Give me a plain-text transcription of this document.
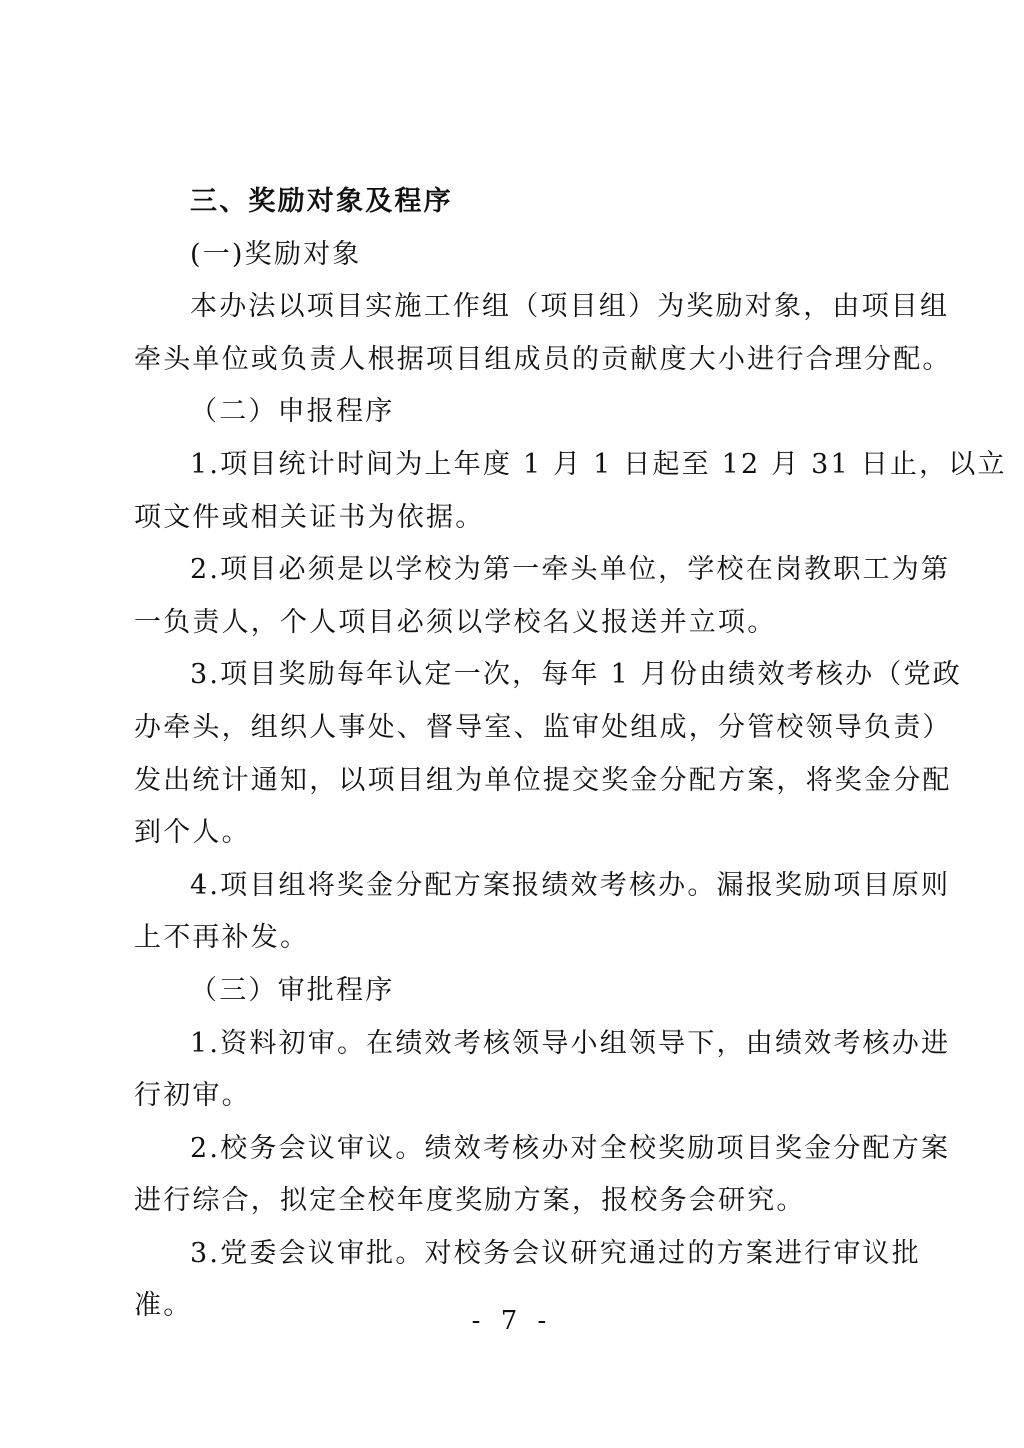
三、奖励对象及程序
(一)奖励对象
本办法以项目实施工作组（项目组）为奖励对象，由项目组
牵头单位或负责人根据项目组成员的贡献度大小进行合理分配。
（二）申报程序
1.项目统计时间为上年度 1 月 1 日起至 12 月 31 日止，以立
项文件或相关证书为依据。
2.项目必须是以学校为第一牵头单位，学校在岗教职工为第
一负责人，个人项目必须以学校名义报送并立项。
3.项目奖励每年认定一次，每年 1 月份由绩效考核办（党政
办牵头，组织人事处、督导室、监审处组成，分管校领导负责）
发出统计通知，以项目组为单位提交奖金分配方案，将奖金分配
到个人。
4.项目组将奖金分配方案报绩效考核办。漏报奖励项目原则
上不再补发。
（三）审批程序
1.资料初审。在绩效考核领导小组领导下，由绩效考核办进
行初审。
2.校务会议审议。绩效考核办对全校奖励项目奖金分配方案
进行综合，拟定全校年度奖励方案，报校务会研究。
3.党委会议审批。对校务会议研究通过的方案进行审议批
准。	- 7 -
